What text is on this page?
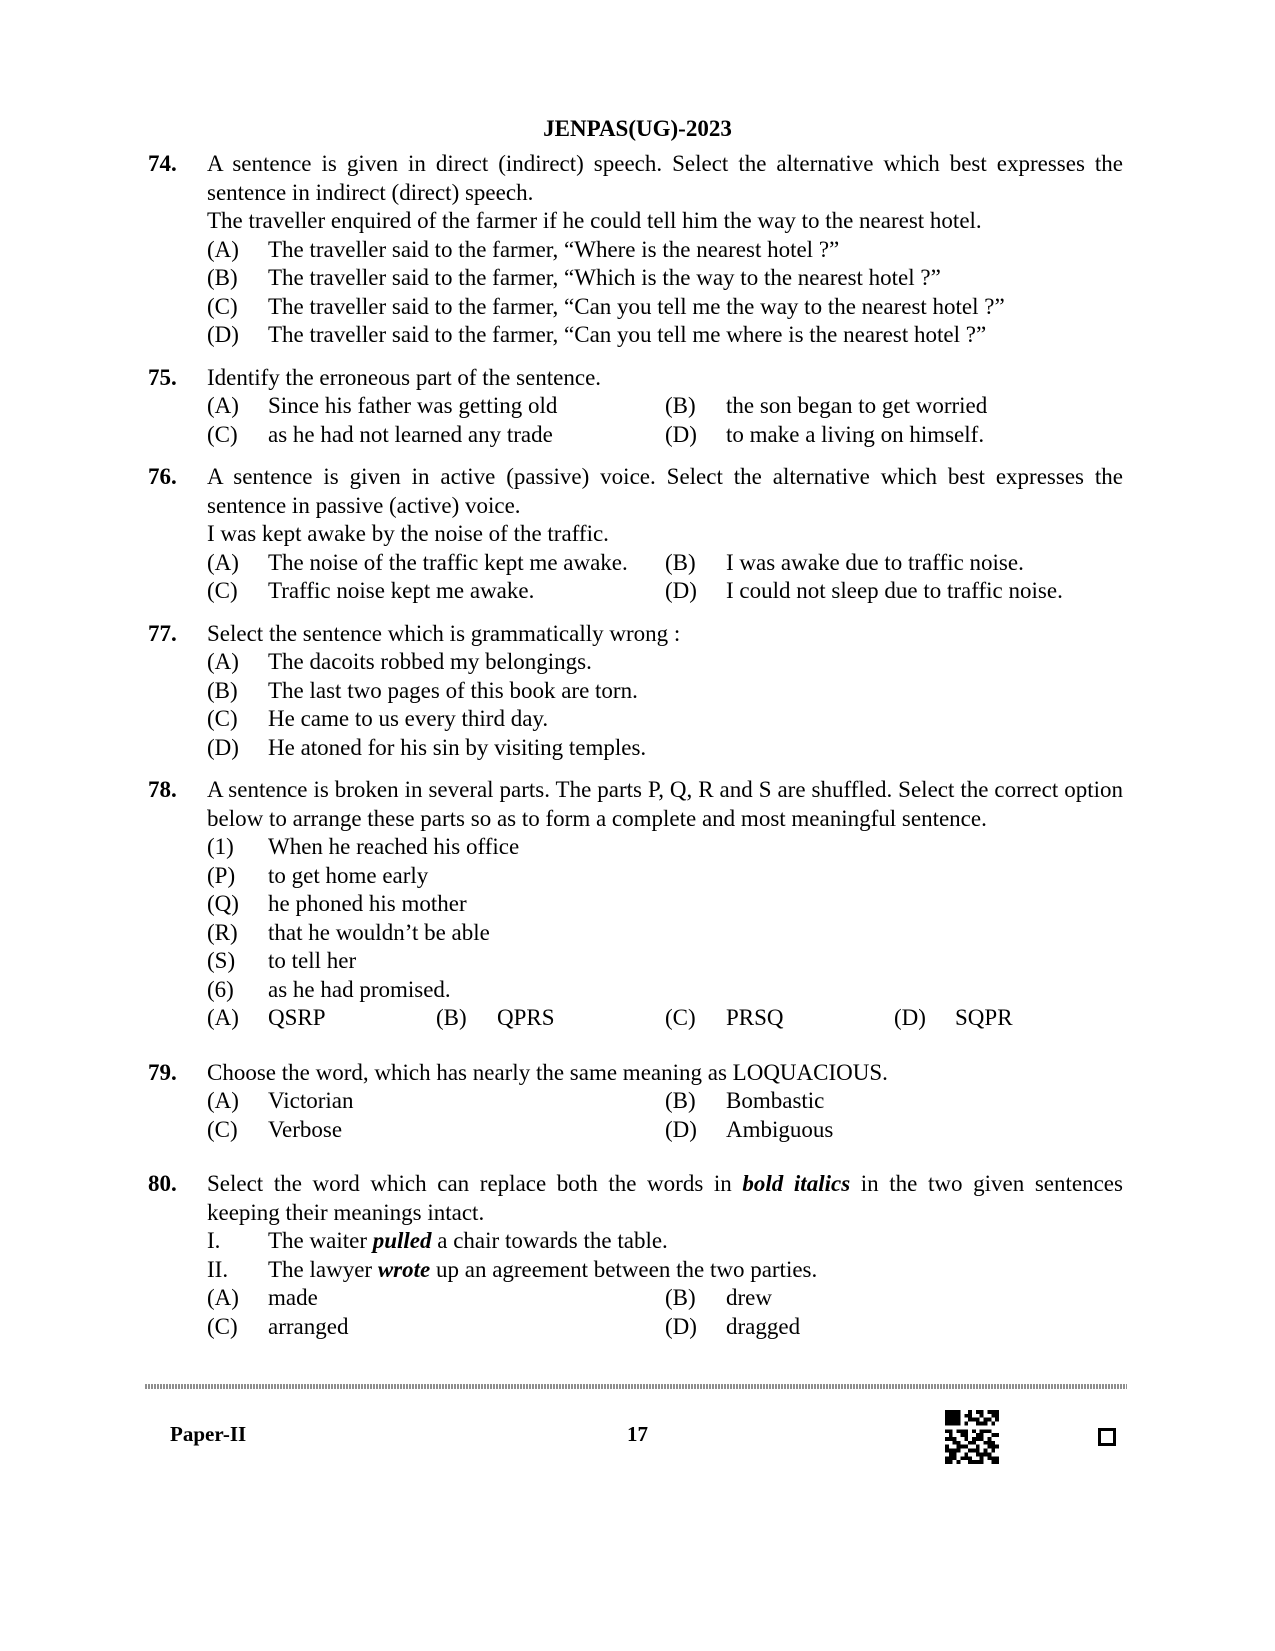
JENPAS(UG)-2023
74. A sentence is given in direct (indirect) speech. Select the alternative which best expresses the sentence in indirect (direct) speech.
The traveller enquired of the farmer if he could tell him the way to the nearest hotel.
(A) The traveller said to the farmer, “Where is the nearest hotel ?”
(B) The traveller said to the farmer, “Which is the way to the nearest hotel ?”
(C) The traveller said to the farmer, “Can you tell me the way to the nearest hotel ?”
(D) The traveller said to the farmer, “Can you tell me where is the nearest hotel ?”
75. Identify the erroneous part of the sentence.
(A) Since his father was getting old	(B) the son began to get worried
(C) as he had not learned any trade	(D) to make a living on himself.
76. A sentence is given in active (passive) voice. Select the alternative which best expresses the sentence in passive (active) voice.
I was kept awake by the noise of the traffic.
(A) The noise of the traffic kept me awake.	(B) I was awake due to traffic noise.
(C) Traffic noise kept me awake.	(D) I could not sleep due to traffic noise.
77. Select the sentence which is grammatically wrong :
(A) The dacoits robbed my belongings.
(B) The last two pages of this book are torn.
(C) He came to us every third day.
(D) He atoned for his sin by visiting temples.
78. A sentence is broken in several parts. The parts P, Q, R and S are shuffled. Select the correct option below to arrange these parts so as to form a complete and most meaningful sentence.
(1) When he reached his office
(P) to get home early
(Q) he phoned his mother
(R) that he wouldn’t be able
(S) to tell her
(6) as he had promised.
(A) QSRP	(B) QPRS	(C) PRSQ	(D) SQPR
79. Choose the word, which has nearly the same meaning as LOQUACIOUS.
(A) Victorian	(B) Bombastic
(C) Verbose	(D) Ambiguous
80. Select the word which can replace both the words in bold italics in the two given sentences keeping their meanings intact.
I. The waiter pulled a chair towards the table.
II. The lawyer wrote up an agreement between the two parties.
(A) made	(B) drew
(C) arranged	(D) dragged
Paper-II	17
